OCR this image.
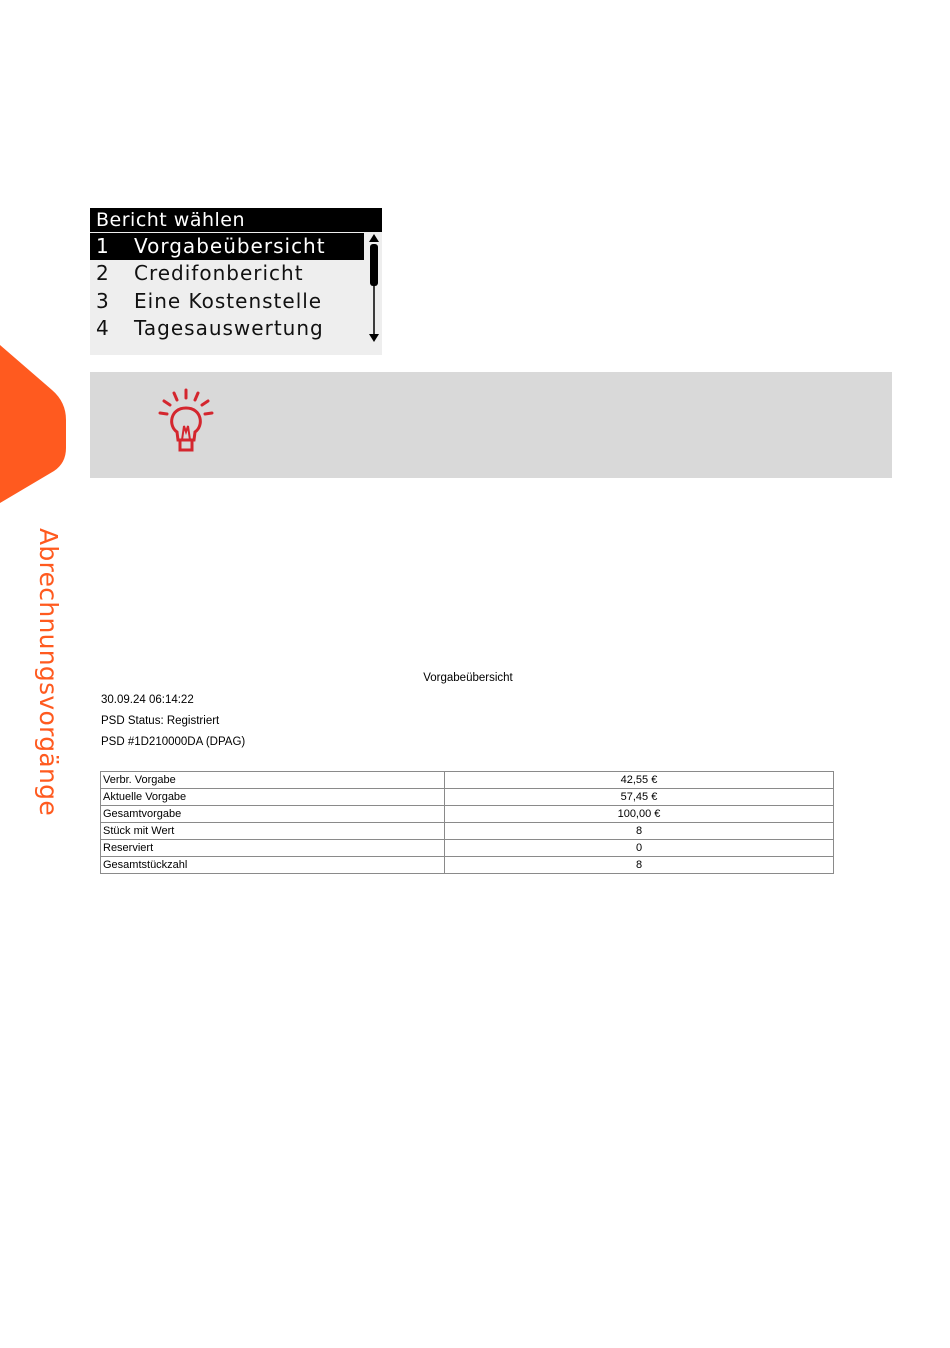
Abrechnungsvorgänge
Bericht wählen
1 Vorgabeübersicht
2 Credifonbericht
3 Eine Kostenstelle
4 Tagesauswertung
Vorgabeübersicht
30.09.24 06:14:22
PSD Status: Registriert
PSD #1D210000DA (DPAG)
Verbr. Vorgabe	42,55 €
Aktuelle Vorgabe	57,45 €
Gesamtvorgabe	100,00 €
Stück mit Wert	8
Reserviert	0
Gesamtstückzahl	8
